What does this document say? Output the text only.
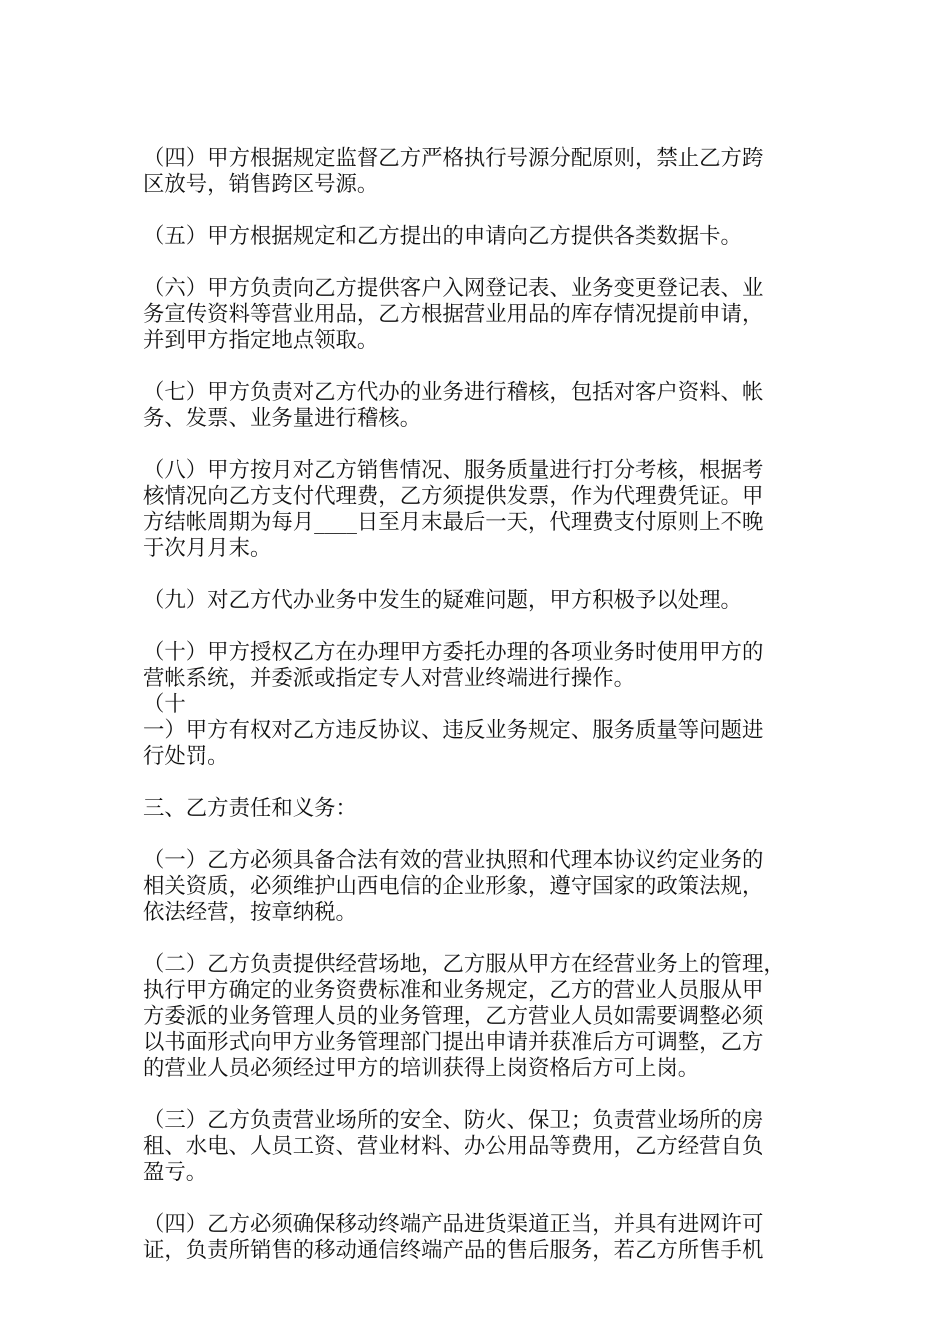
（四）甲方根据规定监督乙方严格执行号源分配原则，禁止乙方跨
区放号，销售跨区号源。

（五）甲方根据规定和乙方提出的申请向乙方提供各类数据卡。

（六）甲方负责向乙方提供客户入网登记表、业务变更登记表、业
务宣传资料等营业用品，乙方根据营业用品的库存情况提前申请，
并到甲方指定地点领取。

（七）甲方负责对乙方代办的业务进行稽核，包括对客户资料、帐
务、发票、业务量进行稽核。

（八）甲方按月对乙方销售情况、服务质量进行打分考核，根据考
核情况向乙方支付代理费，乙方须提供发票，作为代理费凭证。甲
方结帐周期为每月____日至月末最后一天，代理费支付原则上不晚
于次月月末。

（九）对乙方代办业务中发生的疑难问题，甲方积极予以处理。

（十）甲方授权乙方在办理甲方委托办理的各项业务时使用甲方的
营帐系统，并委派或指定专人对营业终端进行操作。
（十
一）甲方有权对乙方违反协议、违反业务规定、服务质量等问题进
行处罚。

三、乙方责任和义务：

（一）乙方必须具备合法有效的营业执照和代理本协议约定业务的
相关资质，必须维护山西电信的企业形象，遵守国家的政策法规，
依法经营，按章纳税。

（二）乙方负责提供经营场地，乙方服从甲方在经营业务上的管理，
执行甲方确定的业务资费标准和业务规定，乙方的营业人员服从甲
方委派的业务管理人员的业务管理，乙方营业人员如需要调整必须
以书面形式向甲方业务管理部门提出申请并获准后方可调整，乙方
的营业人员必须经过甲方的培训获得上岗资格后方可上岗。

（三）乙方负责营业场所的安全、防火、保卫；负责营业场所的房
租、水电、人员工资、营业材料、办公用品等费用，乙方经营自负
盈亏。

（四）乙方必须确保移动终端产品进货渠道正当，并具有进网许可
证，负责所销售的移动通信终端产品的售后服务，若乙方所售手机
